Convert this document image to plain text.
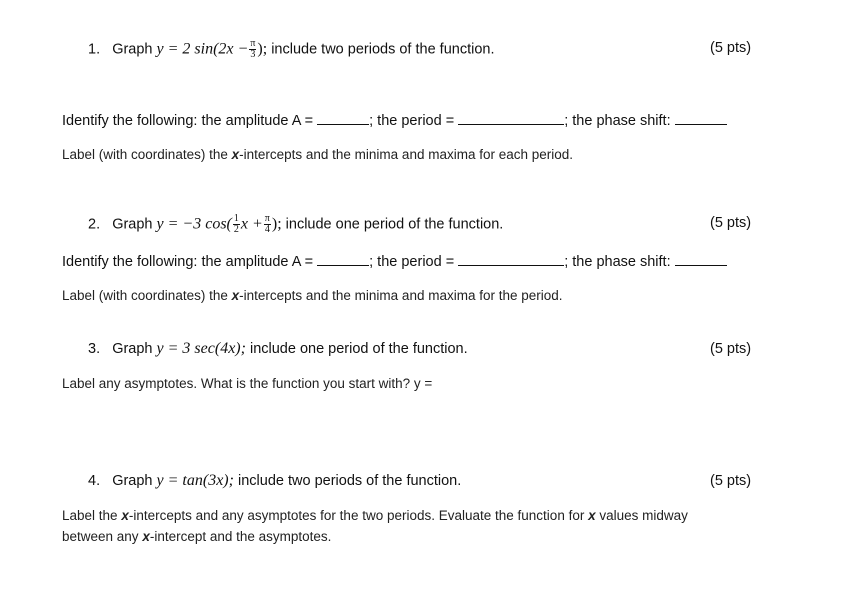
1. Graph y = 2 $\sin(2x - \frac{\pi}{3}$ ); include two periods of the function.	(5 pts)
Identify the following: the amplitude A =	; the period =	; the phase shift:
Label (with coordinates) the x-intercepts and the minima and maxima for each period.
2. Graph y = −3 $\cos( \frac{1}{2}$ $x + \frac{\pi}{4}$ ); include one period of the function.	(5 pts)
Identify the following: the amplitude A =	; the period =	; the phase shift:
Label (with coordinates) the x-intercepts and the minima and maxima for the period.
3. Graph y = 3 sec(4x); include one period of the function.	(5 pts)
Label any asymptotes. What is the function you start with? y =
4. Graph y = tan(3x); include two periods of the function.	(5 pts)
Label the x-intercepts and any asymptotes for the two periods. Evaluate the function for x values midway
between any x-intercept and the asymptotes.
